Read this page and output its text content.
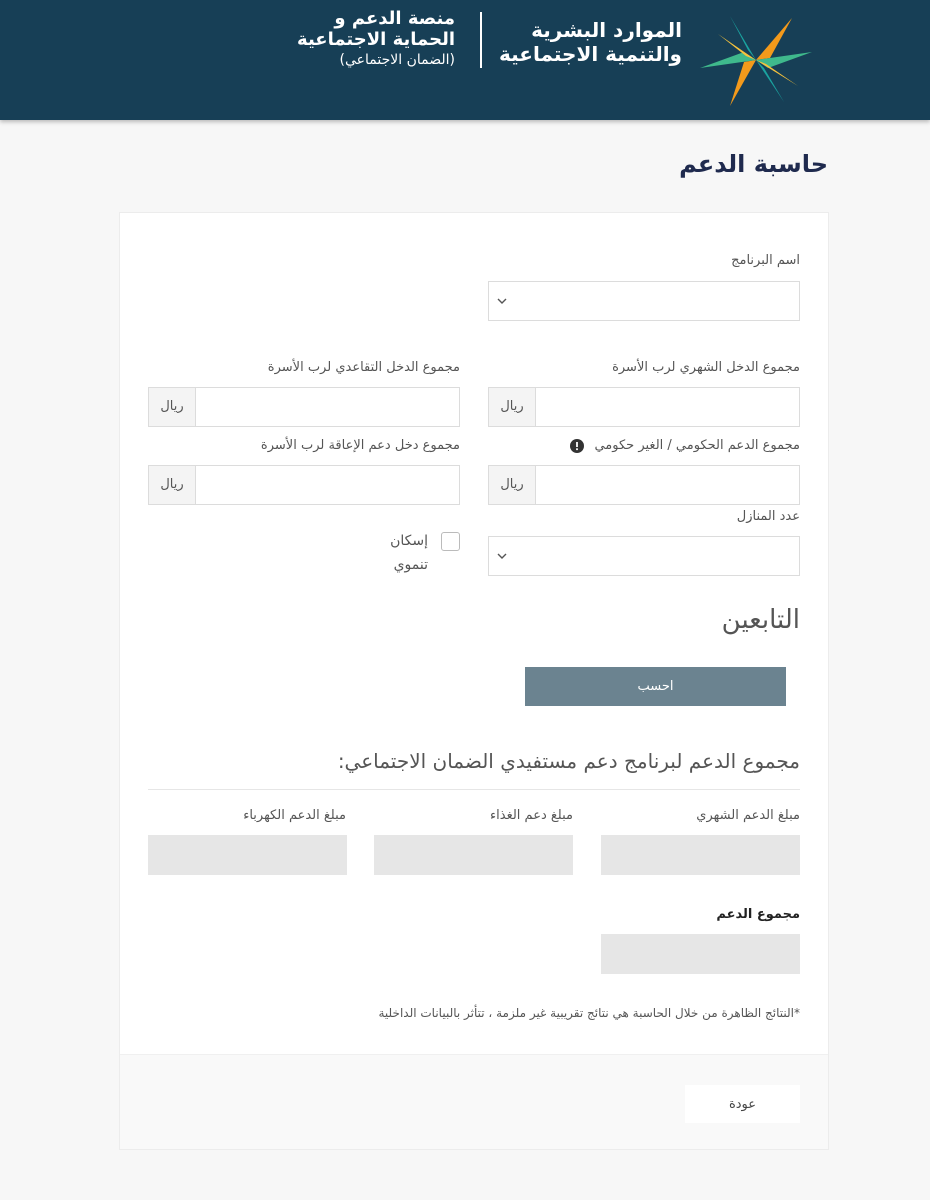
الموارد البشرية
والتنمية الاجتماعية
منصة الدعم و
الحماية الاجتماعية
(الضمان الاجتماعي)
حاسبة الدعم
اسم البرنامج
مجموع الدخل الشهري لرب الأسرة
مجموع الدخل التقاعدي لرب الأسرة
ريال
ريال
مجموع الدعم الحكومي / الغير حكومي
مجموع دخل دعم الإعاقة لرب الأسرة
ريال
ريال
عدد المنازل
إسكان تنموي
التابعين
احسب
مجموع الدعم لبرنامج دعم مستفيدي الضمان الاجتماعي:
مبلغ الدعم الشهري
مبلغ دعم الغذاء
مبلغ الدعم الكهرباء
مجموع الدعم
*النتائج الظاهرة من خلال الحاسبة هي نتائج تقريبية غير ملزمة ، تتأثر بالبيانات الداخلية
عودة
